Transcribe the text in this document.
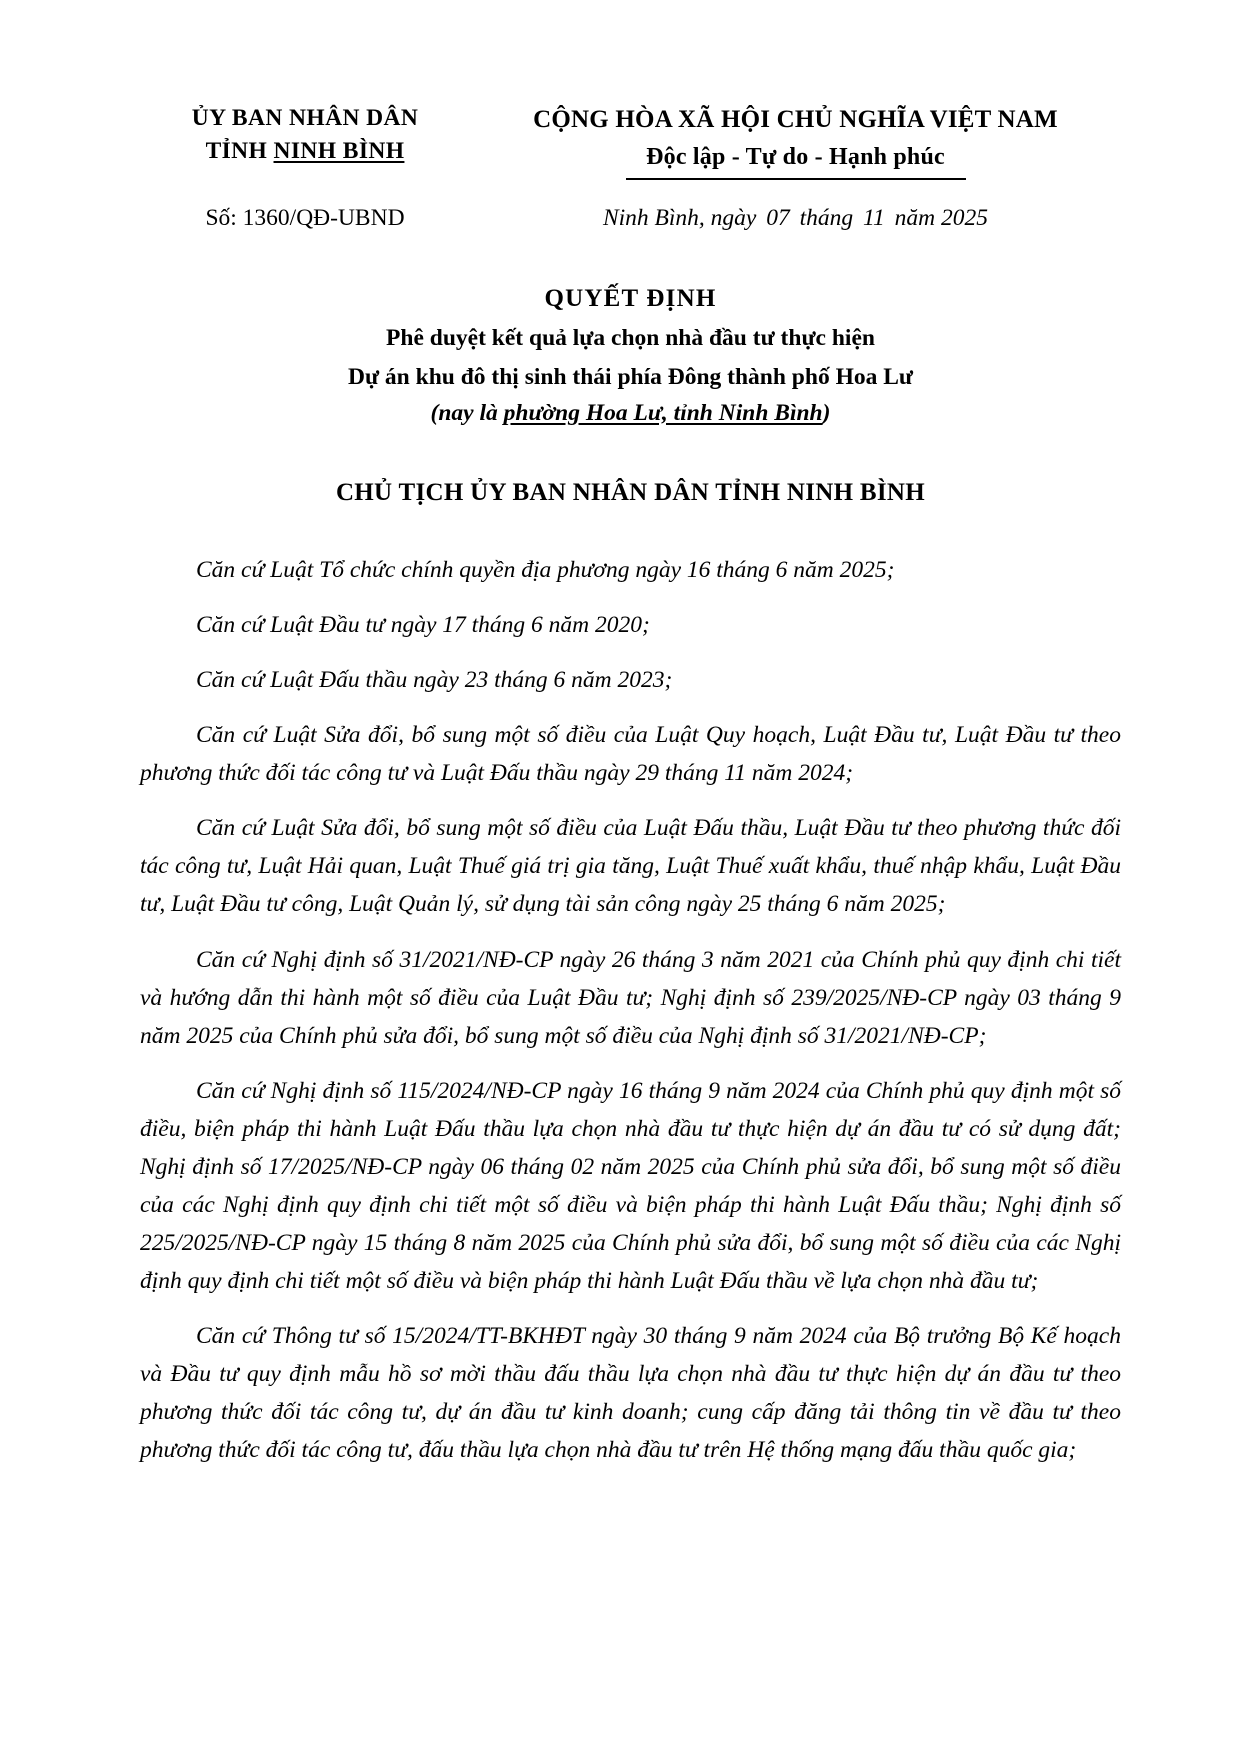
ỦY BAN NHÂN DÂN
TỈNH NINH BÌNH
CỘNG HÒA XÃ HỘI CHỦ NGHĨA VIỆT NAM
Độc lập - Tự do - Hạnh phúc
Số: 1360/QĐ-UBND	Ninh Bình, ngày 07 tháng 11 năm 2025
QUYẾT ĐỊNH
Phê duyệt kết quả lựa chọn nhà đầu tư thực hiện
Dự án khu đô thị sinh thái phía Đông thành phố Hoa Lư
(nay là phường Hoa Lư, tỉnh Ninh Bình)
CHỦ TỊCH ỦY BAN NHÂN DÂN TỈNH NINH BÌNH

Căn cứ Luật Tổ chức chính quyền địa phương ngày 16 tháng 6 năm 2025;

Căn cứ Luật Đầu tư ngày 17 tháng 6 năm 2020;

Căn cứ Luật Đấu thầu ngày 23 tháng 6 năm 2023;

Căn cứ Luật Sửa đổi, bổ sung một số điều của Luật Quy hoạch, Luật Đầu tư, Luật Đầu tư theo phương thức đối tác công tư và Luật Đấu thầu ngày 29 tháng 11 năm 2024;

Căn cứ Luật Sửa đổi, bổ sung một số điều của Luật Đấu thầu, Luật Đầu tư theo phương thức đối tác công tư, Luật Hải quan, Luật Thuế giá trị gia tăng, Luật Thuế xuất khẩu, thuế nhập khẩu, Luật Đầu tư, Luật Đầu tư công, Luật Quản lý, sử dụng tài sản công ngày 25 tháng 6 năm 2025;

Căn cứ Nghị định số 31/2021/NĐ-CP ngày 26 tháng 3 năm 2021 của Chính phủ quy định chi tiết và hướng dẫn thi hành một số điều của Luật Đầu tư; Nghị định số 239/2025/NĐ-CP ngày 03 tháng 9 năm 2025 của Chính phủ sửa đổi, bổ sung một số điều của Nghị định số 31/2021/NĐ-CP;

Căn cứ Nghị định số 115/2024/NĐ-CP ngày 16 tháng 9 năm 2024 của Chính phủ quy định một số điều, biện pháp thi hành Luật Đấu thầu lựa chọn nhà đầu tư thực hiện dự án đầu tư có sử dụng đất; Nghị định số 17/2025/NĐ-CP ngày 06 tháng 02 năm 2025 của Chính phủ sửa đổi, bổ sung một số điều của các Nghị định quy định chi tiết một số điều và biện pháp thi hành Luật Đấu thầu; Nghị định số 225/2025/NĐ-CP ngày 15 tháng 8 năm 2025 của Chính phủ sửa đổi, bổ sung một số điều của các Nghị định quy định chi tiết một số điều và biện pháp thi hành Luật Đấu thầu về lựa chọn nhà đầu tư;

Căn cứ Thông tư số 15/2024/TT-BKHĐT ngày 30 tháng 9 năm 2024 của Bộ trưởng Bộ Kế hoạch và Đầu tư quy định mẫu hồ sơ mời thầu đấu thầu lựa chọn nhà đầu tư thực hiện dự án đầu tư theo phương thức đối tác công tư, dự án đầu tư kinh doanh; cung cấp đăng tải thông tin về đầu tư theo phương thức đối tác công tư, đấu thầu lựa chọn nhà đầu tư trên Hệ thống mạng đấu thầu quốc gia;
